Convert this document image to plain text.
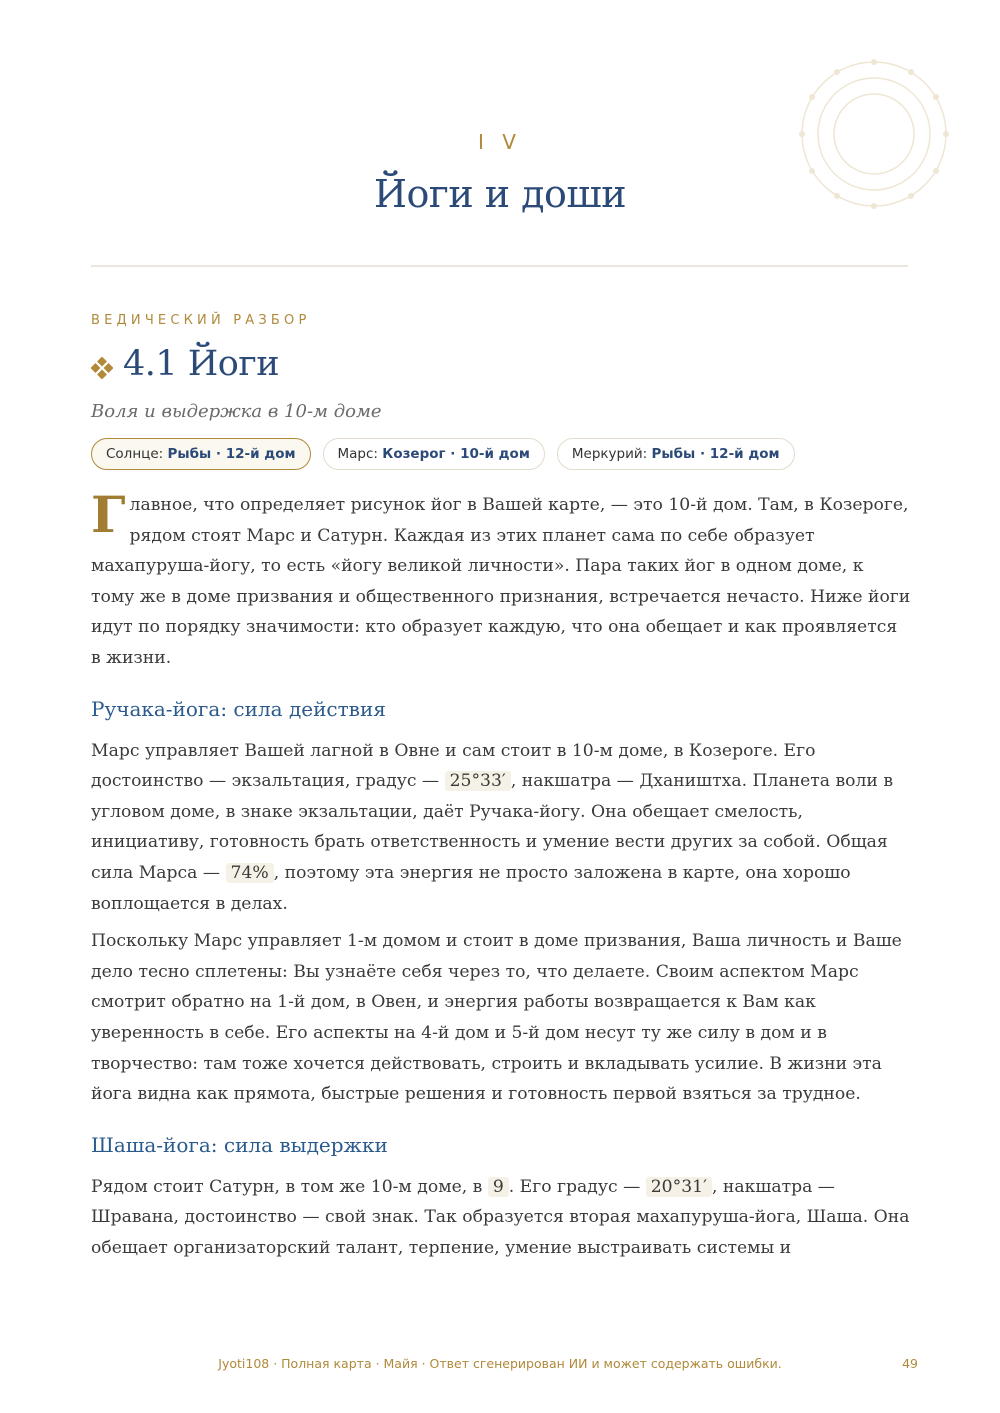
I V
Йоги и доши
ВЕДИЧЕСКИЙ РАЗБОР
4.1 Йоги
Воля и выдержка в 10-м доме
Солнце:
Рыбы · 12-й дом	Марс:
Козерог · 10-й дом	Меркурий:
Рыбы · 12-й дом

Главное, что определяет рисунок йог в Вашей карте, — это 10-й дом. Там, в Козероге, рядом стоят Марс и Сатурн. Каждая из этих планет сама по себе образует махапуруша-йогу, то есть «йогу великой личности». Пара таких йог в одном доме, к тому же в доме призвания и общественного признания, встречается нечасто. Ниже йоги идут по порядку значимости: кто образует каждую, что она обещает и как проявляется в жизни.

Ручака-йога: сила действия

Марс управляет Вашей лагной в Овне и сам стоит в 10-м доме, в Козероге. Его достоинство — экзальтация, градус — 25°33′ , накшатра — Дхаништха. Планета воли в угловом доме, в знаке экзальтации, даёт Ручака-йогу. Она обещает смелость, инициативу, готовность брать ответственность и умение вести других за собой. Общая сила Марса — 74% , поэтому эта энергия не просто заложена в карте, она хорошо воплощается в делах.

Поскольку Марс управляет 1-м домом и стоит в доме призвания, Ваша личность и Ваше дело тесно сплетены: Вы узнаёте себя через то, что делаете. Своим аспектом Марс смотрит обратно на 1-й дом, в Овен, и энергия работы возвращается к Вам как уверенность в себе. Его аспекты на 4-й дом и 5-й дом несут ту же силу в дом и в творчество: там тоже хочется действовать, строить и вкладывать усилие. В жизни эта йога видна как прямота, быстрые решения и готовность первой взяться за трудное.

Шаша-йога: сила выдержки

Рядом стоит Сатурн, в том же 10-м доме, в 9 . Его градус — 20°31′ , накшатра — Шравана, достоинство — свой знак. Так образуется вторая махапуруша-йога, Шаша. Она обещает организаторский талант, терпение, умение выстраивать системы и

Jyoti108 · Полная карта · Майя · Ответ сгенерирован ИИ и может содержать ошибки.	49
